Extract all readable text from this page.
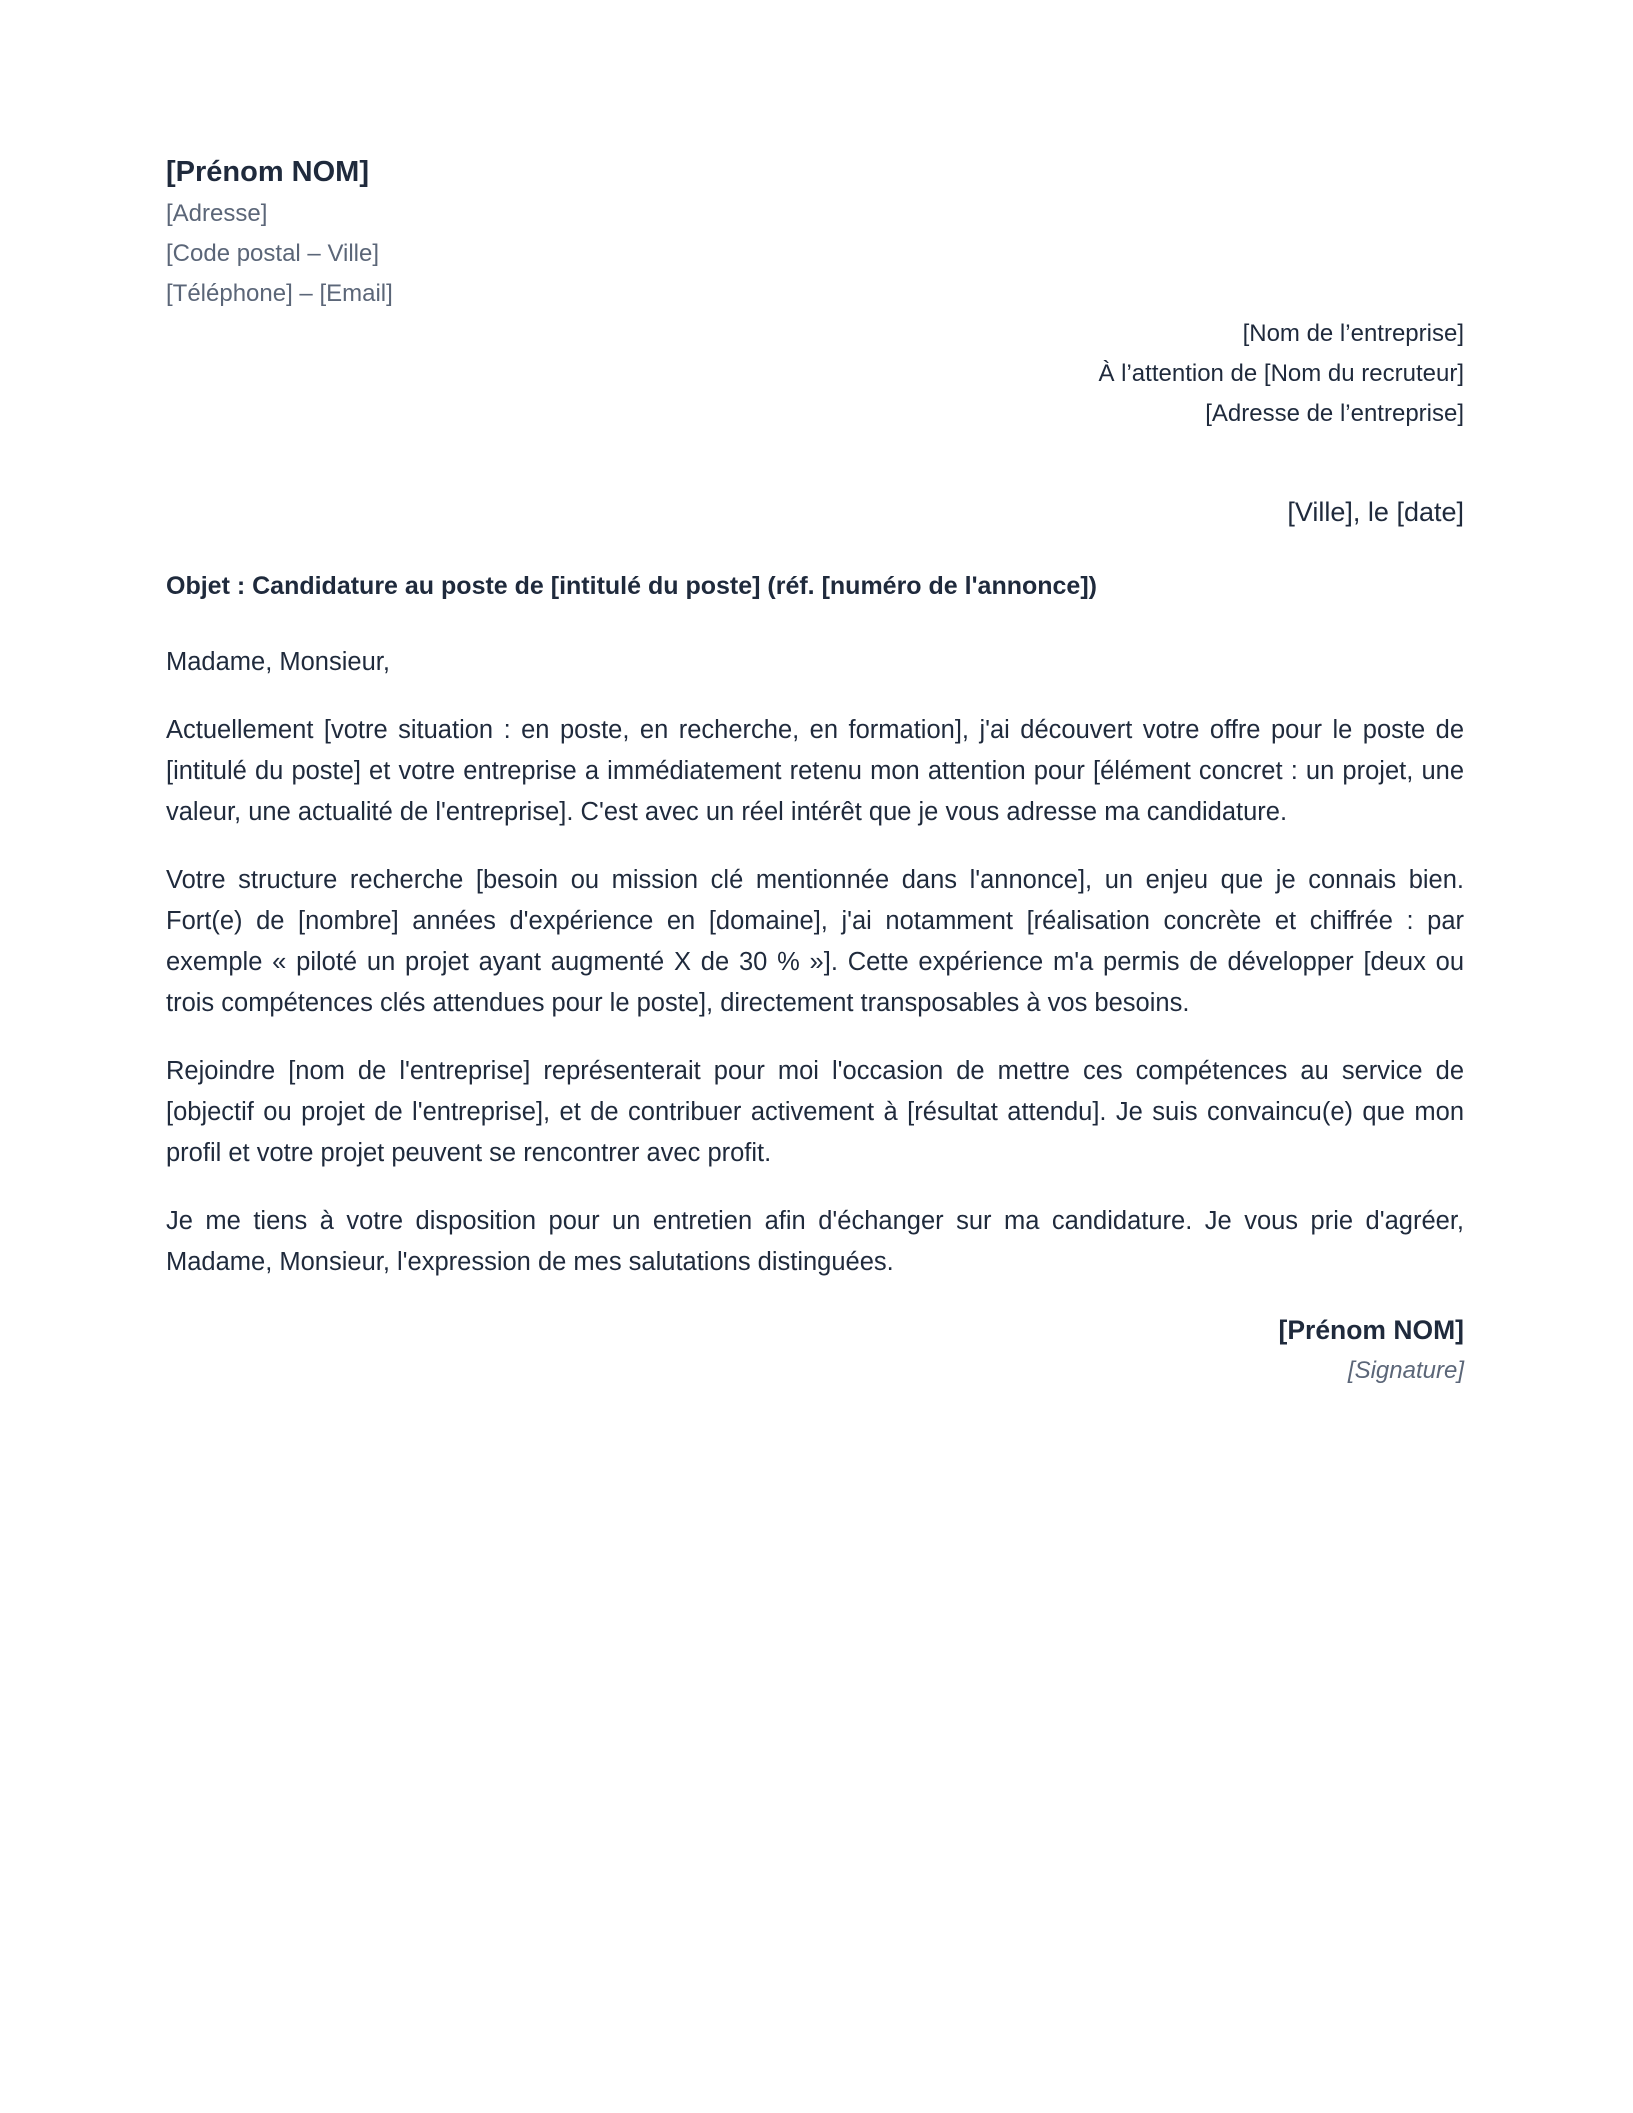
[Prénom NOM]
[Adresse]
[Code postal – Ville]
[Téléphone] – [Email]
[Nom de l’entreprise]
À l’attention de [Nom du recruteur]
[Adresse de l’entreprise]
[Ville], le [date]
Objet : Candidature au poste de [intitulé du poste] (réf. [numéro de l'annonce])
Madame, Monsieur,
Actuellement [votre situation : en poste, en recherche, en formation], j'ai découvert votre offre pour le poste de [intitulé du poste] et votre entreprise a immédiatement retenu mon attention pour [élément concret : un projet, une valeur, une actualité de l'entreprise]. C'est avec un réel intérêt que je vous adresse ma candidature.
Votre structure recherche [besoin ou mission clé mentionnée dans l'annonce], un enjeu que je connais bien. Fort(e) de [nombre] années d'expérience en [domaine], j'ai notamment [réalisation concrète et chiffrée : par exemple « piloté un projet ayant augmenté X de 30 % »]. Cette expérience m'a permis de développer [deux ou trois compétences clés attendues pour le poste], directement transposables à vos besoins.
Rejoindre [nom de l'entreprise] représenterait pour moi l'occasion de mettre ces compétences au service de [objectif ou projet de l'entreprise], et de contribuer activement à [résultat attendu]. Je suis convaincu(e) que mon profil et votre projet peuvent se rencontrer avec profit.
Je me tiens à votre disposition pour un entretien afin d'échanger sur ma candidature. Je vous prie d'agréer, Madame, Monsieur, l'expression de mes salutations distinguées.
[Prénom NOM]
[Signature]
